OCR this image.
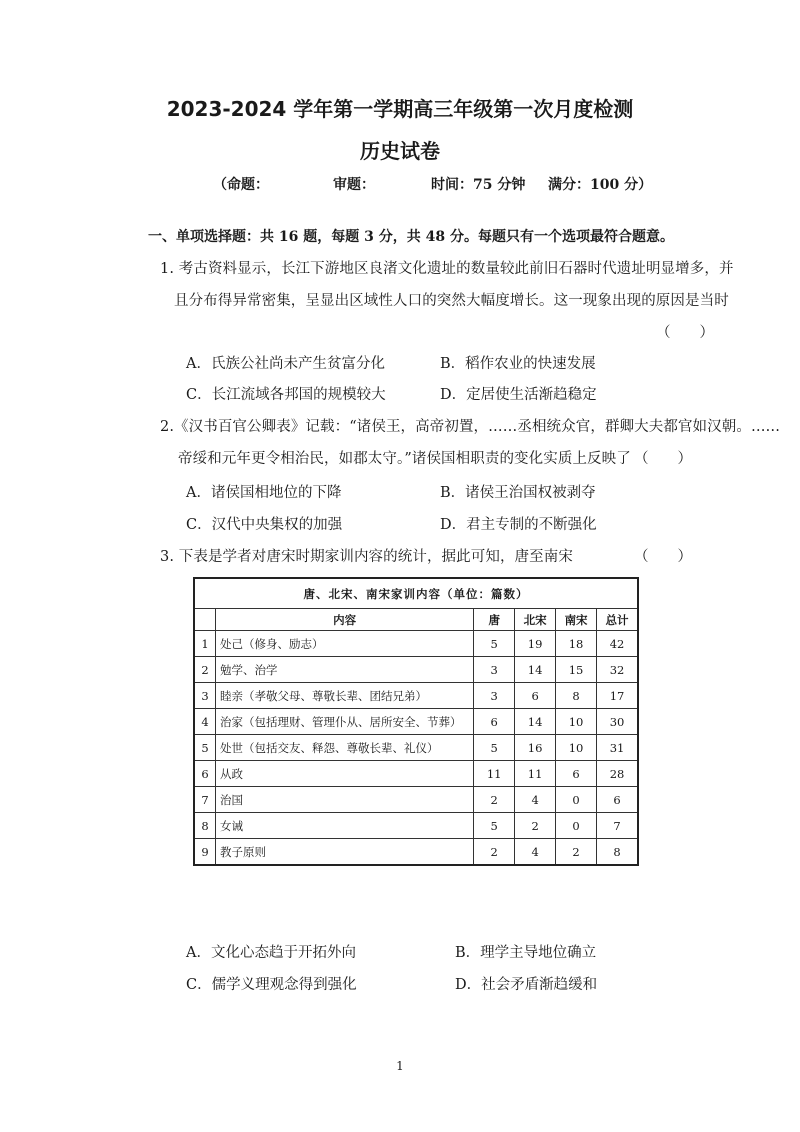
2023-2024 学年第一学期高三年级第一次月度检测
历史试卷
（命题：	审题：	时间：75 分钟 满分：100 分）
一、单项选择题：共 16 题，每题 3 分，共 48 分。每题只有一个选项最符合题意。
1. 考古资料显示，长江下游地区良渚文化遗址的数量较此前旧石器时代遗址明显增多，并
且分布得异常密集，呈显出区域性人口的突然大幅度增长。这一现象出现的原因是当时
（　　）
A．氏族公社尚未产生贫富分化	B．稻作农业的快速发展
C．长江流域各邦国的规模较大	D．定居使生活渐趋稳定
2.《汉书百官公卿表》记载：“诸侯王，高帝初置，……丞相统众官，群卿大夫都官如汉朝。……
帝绥和元年更令相治民，如郡太守。”诸侯国相职责的变化实质上反映了 （　　）
A．诸侯国相地位的下降	B．诸侯王治国权被剥夺
C．汉代中央集权的加强	D．君主专制的不断强化
3. 下表是学者对唐宋时期家训内容的统计，据此可知，唐至南宋	（　　）
唐、北宋、南宋家训内容（单位：篇数）					
	内容	唐	北宋	南宋	总计
1	处己（修身、励志）	5	19	18	42
2	勉学、治学	3	14	15	32
3	睦亲（孝敬父母、尊敬长辈、团结兄弟）	3	6	8	17
4	治家（包括理财、管理仆从、居所安全、节葬）	6	14	10	30
5	处世（包括交友、释怨、尊敬长辈、礼仪）	5	16	10	31
6	从政	11	11	6	28
7	治国	2	4	0	6
8	女诫	5	2	0	7
9	教子原则	2	4	2	8
A．文化心态趋于开拓外向	B．理学主导地位确立
C．儒学义理观念得到强化	D．社会矛盾渐趋缓和
1
